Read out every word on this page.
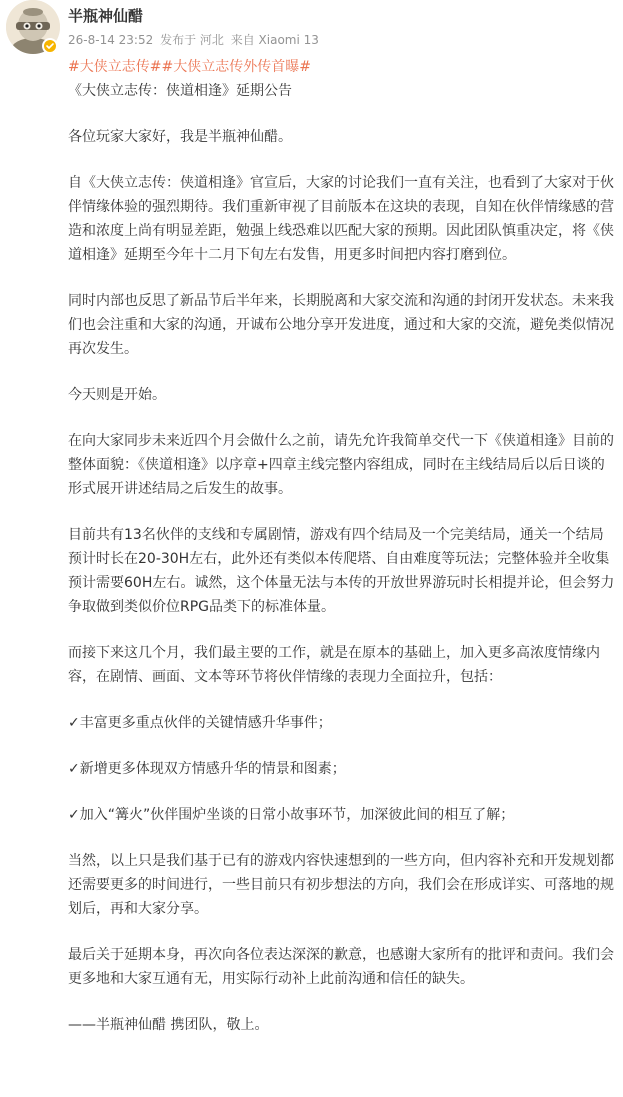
半瓶神仙醋
26-8-14 23:52 发布于 河北 来自 Xiaomi 13

#大侠立志传##大侠立志传外传首曝#

《大侠立志传：侠道相逢》延期公告

各位玩家大家好，我是半瓶神仙醋。

自《大侠立志传：侠道相逢》官宣后，大家的讨论我们一直有关注，也看到了大家对于伙伴情缘体验的强烈期待。我们重新审视了目前版本在这块的表现，自知在伙伴情缘感的营造和浓度上尚有明显差距，勉强上线恐难以匹配大家的预期。因此团队慎重决定，将《侠道相逢》延期至今年十二月下旬左右发售，用更多时间把内容打磨到位。

同时内部也反思了新品节后半年来，长期脱离和大家交流和沟通的封闭开发状态。未来我们也会注重和大家的沟通，开诚布公地分享开发进度，通过和大家的交流，避免类似情况再次发生。

今天则是开始。

在向大家同步未来近四个月会做什么之前，请先允许我简单交代一下《侠道相逢》目前的整体面貌：《侠道相逢》以序章+四章主线完整内容组成，同时在主线结局后以后日谈的形式展开讲述结局之后发生的故事。

目前共有13名伙伴的支线和专属剧情，游戏有四个结局及一个完美结局，通关一个结局预计时长在20-30H左右，此外还有类似本传爬塔、自由难度等玩法；完整体验并全收集预计需要60H左右。诚然，这个体量无法与本传的开放世界游玩时长相提并论，但会努力争取做到类似价位RPG品类下的标准体量。

而接下来这几个月，我们最主要的工作，就是在原本的基础上，加入更多高浓度情缘内容，在剧情、画面、文本等环节将伙伴情缘的表现力全面拉升，包括：

✓丰富更多重点伙伴的关键情感升华事件；

✓新增更多体现双方情感升华的情景和图素；

✓加入“篝火”伙伴围炉坐谈的日常小故事环节，加深彼此间的相互了解；

当然，以上只是我们基于已有的游戏内容快速想到的一些方向，但内容补充和开发规划都还需要更多的时间进行，一些目前只有初步想法的方向，我们会在形成详实、可落地的规划后，再和大家分享。

最后关于延期本身，再次向各位表达深深的歉意，也感谢大家所有的批评和责问。我们会更多地和大家互通有无，用实际行动补上此前沟通和信任的缺失。

——半瓶神仙醋 携团队，敬上。
